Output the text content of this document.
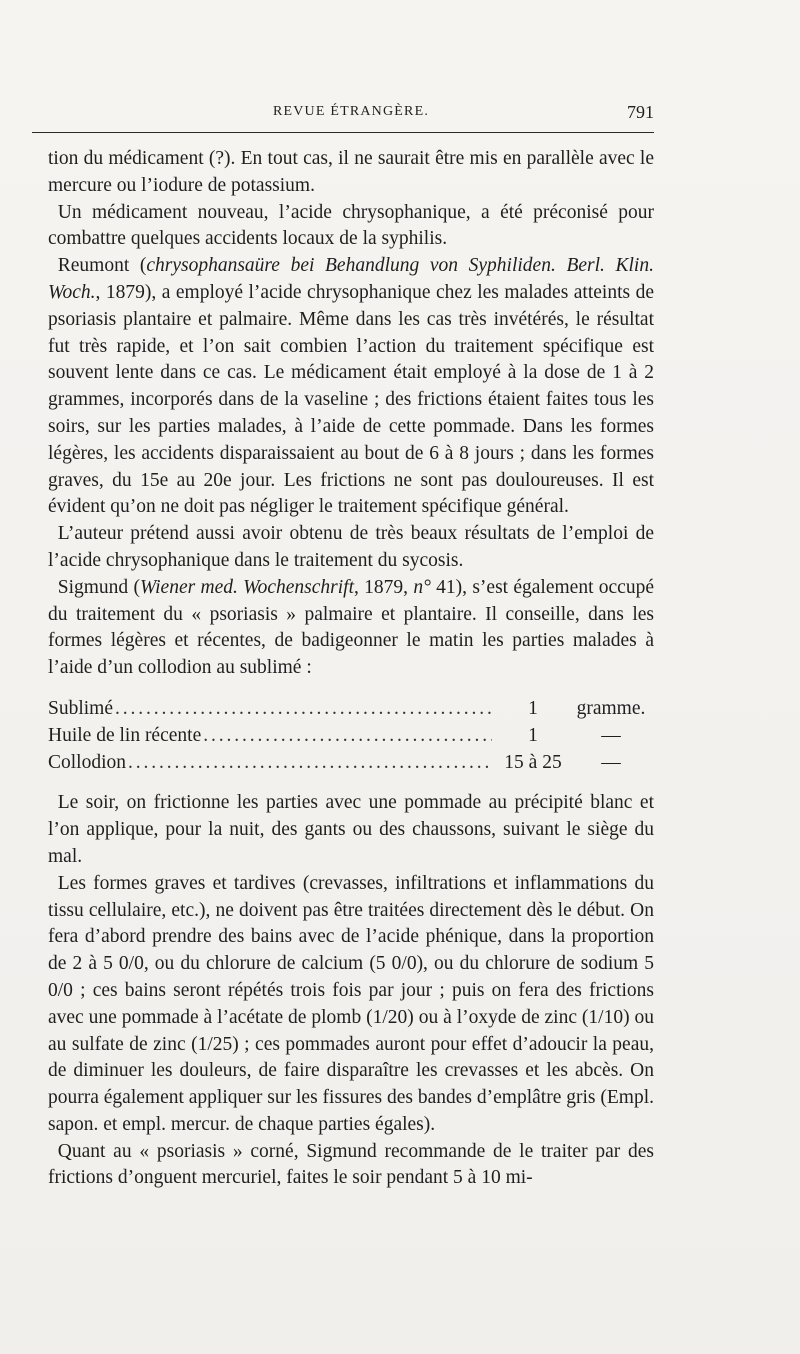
REVUE ÉTRANGÈRE.	791

tion du médicament (?). En tout cas, il ne saurait être mis en parallèle avec le mercure ou l’iodure de potassium.

Un médicament nouveau, l’acide chrysophanique, a été préconisé pour combattre quelques accidents locaux de la syphilis.

Reumont (chrysophansaüre bei Behandlung von Syphiliden. Berl. Klin. Woch., 1879), a employé l’acide chrysophanique chez les malades atteints de psoriasis plantaire et palmaire. Même dans les cas très invétérés, le résultat fut très rapide, et l’on sait combien l’action du traitement spécifique est souvent lente dans ce cas. Le médicament était employé à la dose de 1 à 2 grammes, incorporés dans de la vaseline ; des frictions étaient faites tous les soirs, sur les parties malades, à l’aide de cette pommade. Dans les formes légères, les accidents disparaissaient au bout de 6 à 8 jours ; dans les formes graves, du 15e au 20e jour. Les frictions ne sont pas douloureuses. Il est évident qu’on ne doit pas négliger le traitement spécifique général.

L’auteur prétend aussi avoir obtenu de très beaux résultats de l’emploi de l’acide chrysophanique dans le traitement du sycosis.

Sigmund (Wiener med. Wochenschrift, 1879, n° 41), s’est également occupé du traitement du « psoriasis » palmaire et plantaire. Il conseille, dans les formes légères et récentes, de badigeonner le matin les parties malades à l’aide d’un collodion au sublimé :

Sublimé . . .	1	gramme.
Huile de lin récente . . .	1	—
Collodion . . .	15 à 25	—

Le soir, on frictionne les parties avec une pommade au précipité blanc et l’on applique, pour la nuit, des gants ou des chaussons, suivant le siège du mal.

Les formes graves et tardives (crevasses, infiltrations et inflammations du tissu cellulaire, etc.), ne doivent pas être traitées directement dès le début. On fera d’abord prendre des bains avec de l’acide phénique, dans la proportion de 2 à 5 0/0, ou du chlorure de calcium (5 0/0), ou du chlorure de sodium 5 0/0 ; ces bains seront répétés trois fois par jour ; puis on fera des frictions avec une pommade à l’acétate de plomb (1/20) ou à l’oxyde de zinc (1/10) ou au sulfate de zinc (1/25) ; ces pommades auront pour effet d’adoucir la peau, de diminuer les douleurs, de faire disparaître les crevasses et les abcès. On pourra également appliquer sur les fissures des bandes d’emplâtre gris (Empl. sapon. et empl. mercur. de chaque parties égales).

Quant au « psoriasis » corné, Sigmund recommande de le traiter par des frictions d’onguent mercuriel, faites le soir pendant 5 à 10 mi-
